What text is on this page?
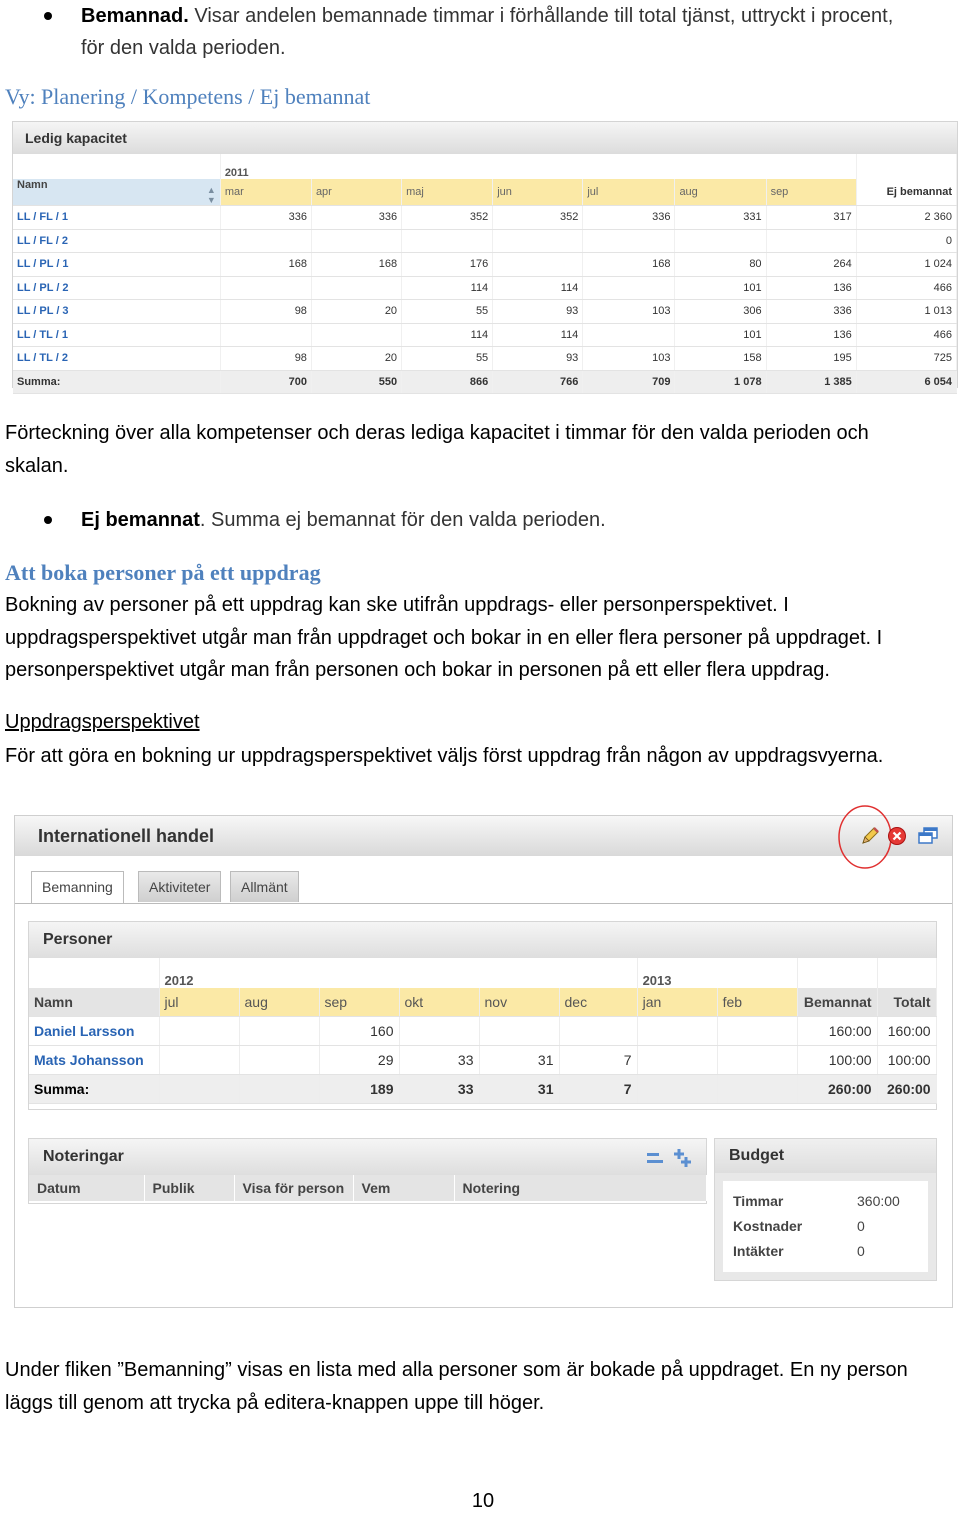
Bemannad. Visar andelen bemannade timmar i förhållande till total tjänst, uttryckt i procent,
för den valda perioden.
Vy: Planering / Kompetens / Ej bemannat
Ledig kapacitet
	2011							
Namn ▲
▼	mar	apr	maj	jun	jul	aug	sep	Ej bemannat
LL / FL / 1	336	336	352	352	336	331	317	2 360
LL / FL / 2								0
LL / PL / 1	168	168	176		168	80	264	1 024
LL / PL / 2			114	114		101	136	466
LL / PL / 3	98	20	55	93	103	306	336	1 013
LL / TL / 1			114	114		101	136	466
LL / TL / 2	98	20	55	93	103	158	195	725
Summa:	700	550	866	766	709	1 078	1 385	6 054
Förteckning över alla kompetenser och deras lediga kapacitet i timmar för den valda perioden och
skalan.
Ej bemannat. Summa ej bemannat för den valda perioden.
Att boka personer på ett uppdrag
Bokning av personer på ett uppdrag kan ske utifrån uppdrags- eller personperspektivet. I
uppdragsperspektivet utgår man från uppdraget och bokar in en eller flera personer på uppdraget. I
personperspektivet utgår man från personen och bokar in personen på ett eller flera uppdrag.
Uppdragsperspektivet
För att göra en bokning ur uppdragsperspektivet väljs först uppdrag från någon av uppdragsvyerna.
Internationell handel
Bemanning	Aktiviteter	Allmänt
Personer
	2012						2013			
Namn	jul	aug	sep	okt	nov	dec	jan	feb	Bemannat	Totalt
Daniel Larsson			160						160:00	160:00
Mats Johansson			29	33	31	7			100:00	100:00
Summa:			189	33	31	7			260:00	260:00
Noteringar
Datum	Publik	Visa för person	Vem	Notering
Budget
Timmar	360:00
Kostnader	0
Intäkter	0
Under fliken ”Bemanning” visas en lista med alla personer som är bokade på uppdraget. En ny person
läggs till genom att trycka på editera-knappen uppe till höger.
10
